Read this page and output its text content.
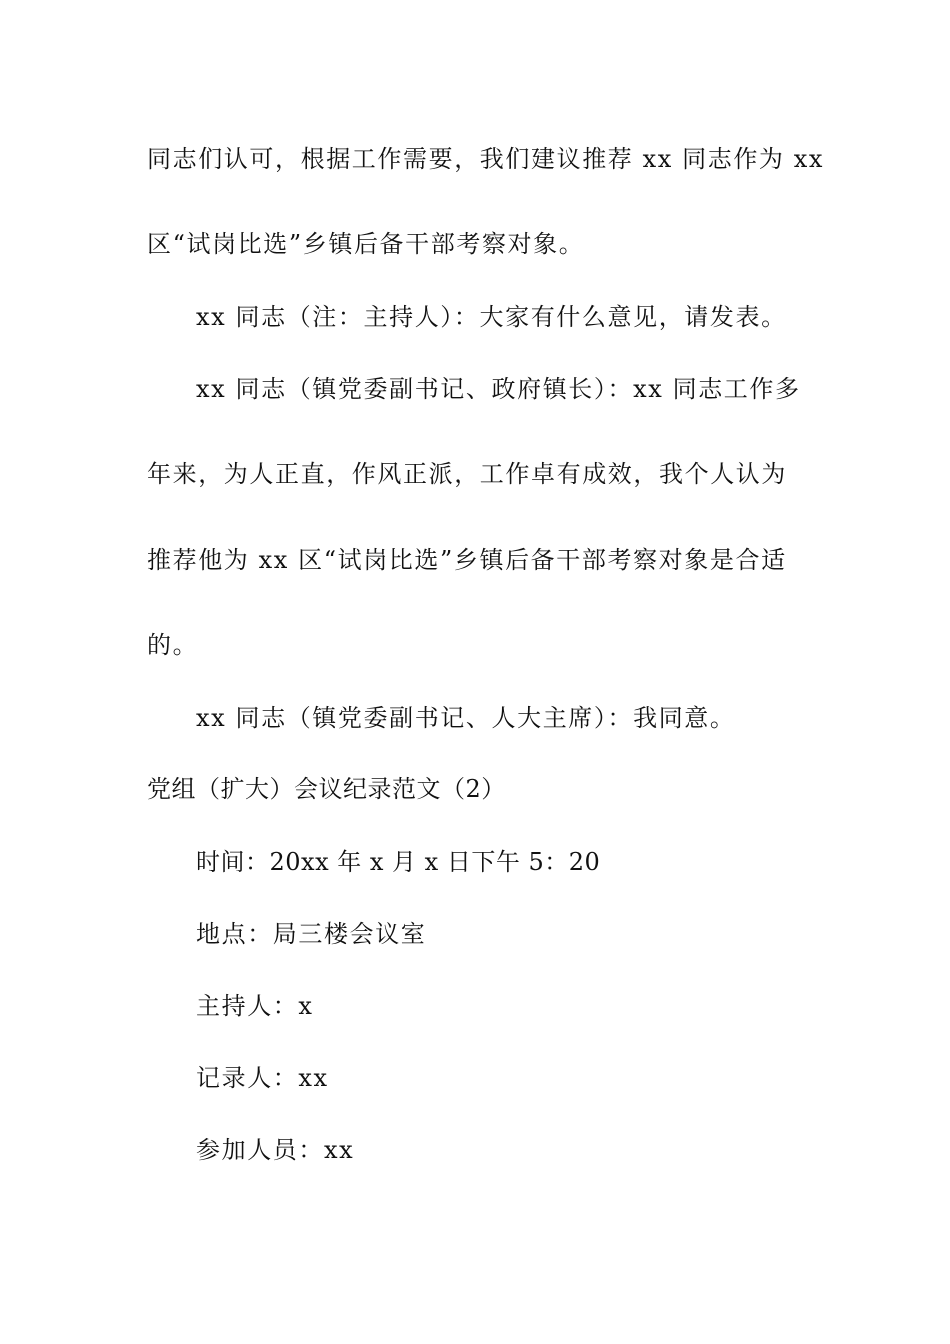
同志们认可，根据工作需要，我们建议推荐 xx 同志作为 xx
区“试岗比选”乡镇后备干部考察对象。
xx 同志（注：主持人）：大家有什么意见，请发表。
xx 同志（镇党委副书记、政府镇长）：xx 同志工作多
年来，为人正直，作风正派，工作卓有成效，我个人认为
推荐他为 xx 区“试岗比选”乡镇后备干部考察对象是合适
的。
xx 同志（镇党委副书记、人大主席）：我同意。
党组（扩大）会议纪录范文（2）
时间：20xx 年 x 月 x 日下午 5：20
地点：局三楼会议室
主持人：x
记录人：xx
参加人员：xx
